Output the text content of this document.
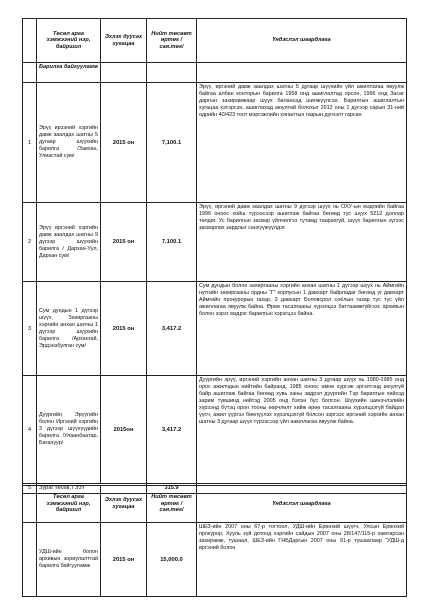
	Төсөл арга хэмжээний нэр, байршил	Эхлэх дуусах хугацаа	Нийт төсөвт өртөг /сая.төг/	Үндэслэл шаардлага
	Барилга байгууламж			
1	Эрүү ирээний хэргийн давж заалдах шатны 5 дугаар шүүхийн барилга /Завхан, Улиастай сум/	2015 он	7,100.1	Эрүү, иргэний давж заалдах шатны 5 дугаар шүүхийн үйл ажиллагаа явуулж байгаа албан конторын барилга 1958 онд ашиглалтад орсон, 1996 онд Засаг даргын захирамжаар шүүх балансад шилжүүлсэн. Барилгын ашиглалтын хугацаа хэтэрсэн, ашиглахад аюултай болохыг 2012 оны 1 дүгээр сарын 31-ний өдрийн 40/423 тоот мэргэжлийн хяналтын газрын дүгнэлт гарсан.
2	Эрүү иргэний хэргийн давж заалдах шатны 9 дүгээр шүүхийн барилга / Дархан-Уул, Дархан сум/	2015 он	7,100.1	Эрүү, иргэний давж заалдах шатны 9 дүгээр шүүх нь ОХУ-ын мэдлийн байгаа 1996 оноос хойш түрээсээр ашиглаж байгаа бөгөөд тус шүүх 5212 доллар төлдөг. Ус барилгын засвар үйлчилгээ тутамд таарахгүй, шүүх барилгын зүгээс засварлах зардлыг санхүүжүүлдэг.
3	Сум дундын 1 дүгээр шүүх, Захиргааны хэргийн анхан шатны 1 дүгээр шүүхийн барилга /Архангай, Эрдэнэбулган сум/	2015 он	3,417.2	Сум дундын болон захиргааны хэргийн анхан шатны 1 дүгээр шүүх нь Аймгийн нутгийн захиргааны ордны “Г” корпусын 1 давхарт байрладаг бөгөөд уг давхарт Аймгийн прокурорын газар, 3 давхарт Боловсрол соёлын газар тус тус үйл ажиллагаа явуулж байна. Өрөө тасалгааны хүрэлцээ баттаамжгүйгээс архивын болон зэрэг мэдрэг барилгын хэрэгцээ байна.
4	Дүүргийн Эрүүгийн болон Иргэний хэргийн 3 дүгээр шүүхүүдийн барилга /Улаанбаатар, Багануур/	2015он	3,417.2	Дүүргийн эрүү, иргэний хэргийн анхан шатны 3 дугаар шүүх нь 1980-1985 онд орос ажилчдын нийтийн байранд, 1985 оноос өмнө хүргэж эргэлтэнд аюулгүй байр ашиглаж байгаа бөгөөд хувь ханы эвдрэл дүүргийн Тэр барилгын хийхэд зарим түвшинд нийтэд 2005 онд бэлэн бус болсон. Шүүхийн шинэчлэлийн хүрээнд бүтэц орон тооны өөрчлөлт хийж өрөө тасалгааны хүрэлцээгүй байдал үүсч, ажил үүргээ биелүүлэх хүрэлцэхгүй болсон зэргээс иргэний хэргийн анхан шатны 3 дугаар шүүх түрээсээр үйл ажиллагаа явуулж байна.
5	Зураг төсөв,ТЭЗҮ		315.9	
	Төсөл арга хэмжээний нэр, байршил	Эхлэх дуусах хугацаа	Нийт төсөвт өртөг /сая.төг/	Үндэслэл шаардлага
	УДШ-ийн болон архивын зориулалттай барилга байгууламж	2015 он	15,000.0	ШЕЗ-ийн 2007 оны 67-р тогтоол, УДШ-ийн Ерөнхий шүүгч, Улсын Ерөнхий прокурор, Хууль зүй дотоод хэргийн сайдын 2007 оны 28/147/115-р хамтарсан захирамж, тушаал, ШЕЗ-ийн ГНБДаргын 2007 оны 91-р тушаалаар “УДШ-д иргэний болон
